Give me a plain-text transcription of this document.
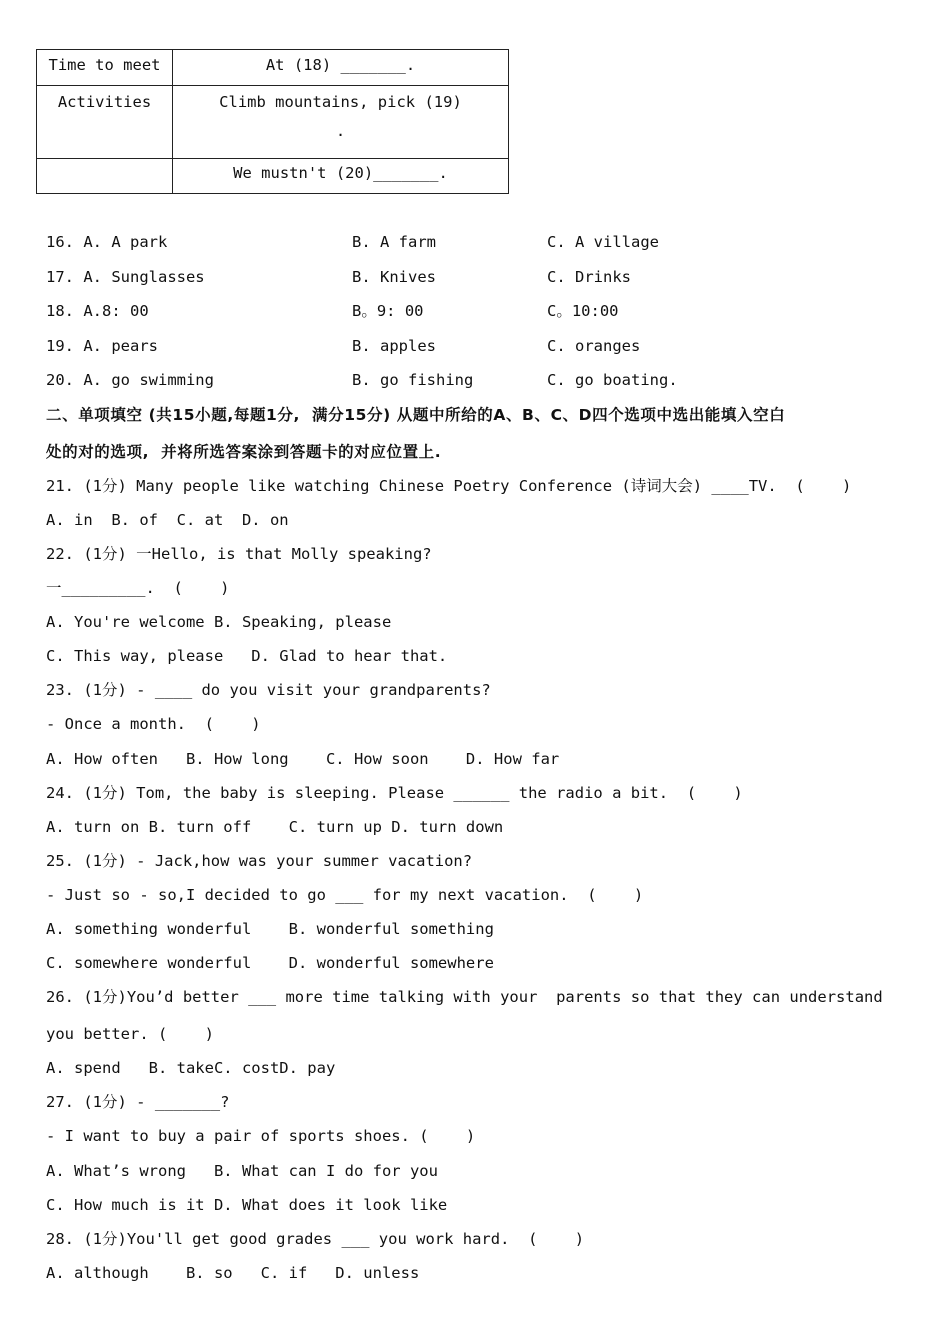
Time to meet	At (18) _______.

Activities	Climb mountains, pick (19)
.

	We mustn't (20)_______.
16. A. A park	B. A farm	C. A village
17. A. Sunglasses	B. Knives	C. Drinks
18. A.8: 00	B。9: 00	C。10:00
19. A. pears	B. apples	C. oranges
20. A. go swimming	B. go fishing	C. go boating.
二、单项填空 (共15小题,每题1分,  满分15分) 从题中所给的A、B、C、D四个选项中选出能填入空白
处的对的选项,  并将所选答案涂到答题卡的对应位置上.
21. (1分) Many people like watching Chinese Poetry Conference (诗词大会) ____TV.  (    )
A. in  B. of  C. at  D. on
22. (1分) 一Hello, is that Molly speaking?
一_________.  (    )
A. You're welcome B. Speaking, please
C. This way, please   D. Glad to hear that.
23. (1分) - ____ do you visit your grandparents?
- Once a month.  (    )
A. How often   B. How long    C. How soon    D. How far
24. (1分) Tom, the baby is sleeping. Please ______ the radio a bit.  (    )
A. turn on B. turn off    C. turn up D. turn down
25. (1分) - Jack,how was your summer vacation?
- Just so - so,I decided to go ___ for my next vacation.  (    )
A. something wonderful    B. wonderful something
C. somewhere wonderful    D. wonderful somewhere
26. (1分)You’d better ___ more time talking with your  parents so that they can understand
you better. (    )
A. spend   B. takeC. costD. pay
27. (1分) - _______?
- I want to buy a pair of sports shoes. (    )
A. What’s wrong   B. What can I do for you
C. How much is it D. What does it look like
28. (1分)You'll get good grades ___ you work hard.  (    )
A. although    B. so   C. if   D. unless
